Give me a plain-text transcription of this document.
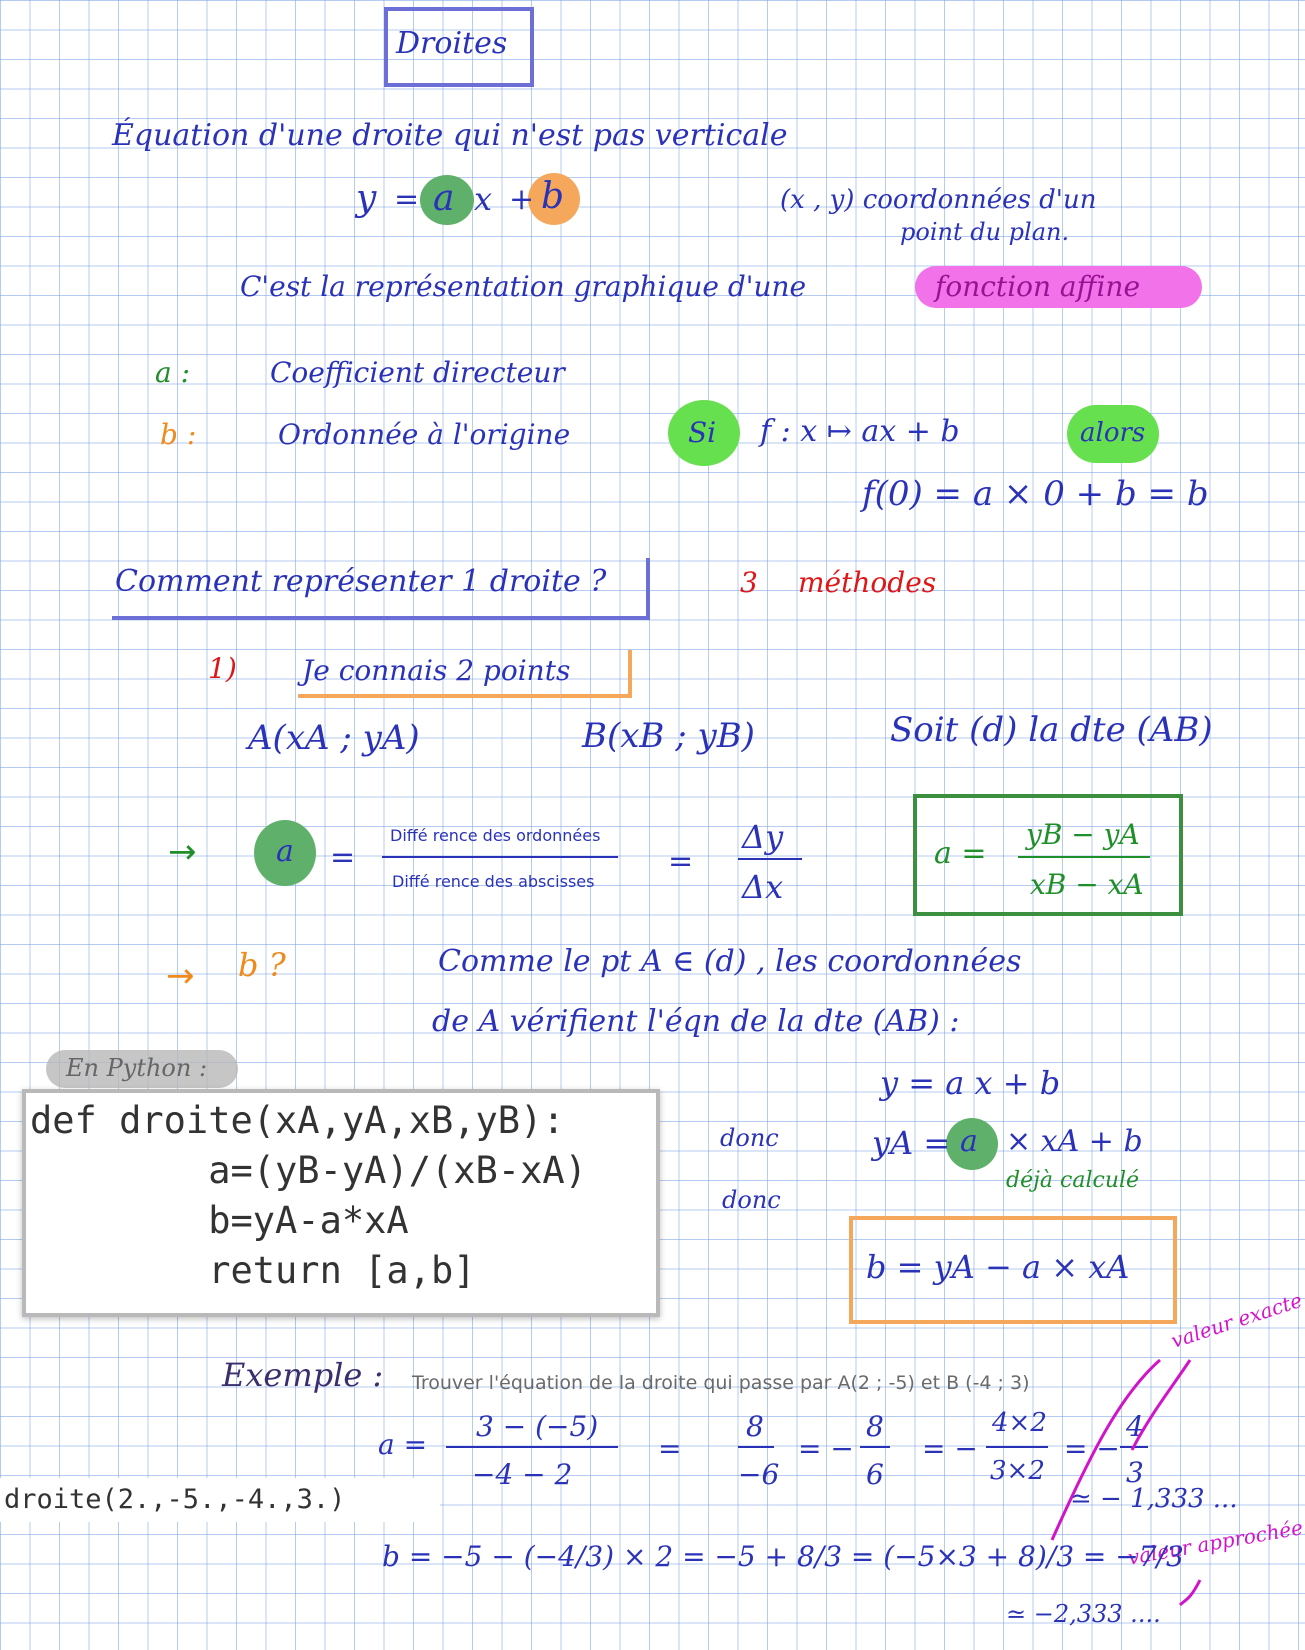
Droites
Équation d'une droite qui n'est pas verticale
y = a x + b	(x , y) coordonnées d'un
point du plan.
C'est la représentation graphique d'une	fonction affine
a :	Coefficient directeur
b :	Ordonnée à l'origine	Si f : x ↦ ax + b	alors
f(0) = a × 0 + b = b
Comment représenter 1 droite ?	3 méthodes
1) Je connais 2 points
A(xA ; yA)	B(xB ; yB)	Soit (d) la dte (AB)
→	a =
Diffé rence des ordonnées
Diffé rence des abscisses
=
Δy
Δx
a =
yB − yA
xB − xA
→ b ?	Comme le pt A ∈ (d) , les coordonnées
de A vérifient l'éqn de la dte (AB) :
y = a x + b
donc	yA = a × xA + b
déjà calculé
donc
b = yA − a × xA
En Python :
def droite(xA,yA,xB,yB):
a=(yB-yA)/(xB-xA)
b=yA-a*xA
return [a,b]
Exemple : Trouver l'équation de la droite qui passe par A(2 ; -5) et B (-4 ; 3)
a =
3 − (−5)
−4 − 2
=
8
−6
= −
8
6
= −
4×2
3×2
= −
4
3
≃ − 1,333 ...
valeur exacte
valeur approchée
b = −5 − (−4/3) × 2 = −5 + 8/3 = (−5×3 + 8)/3 = −7/3
≃ −2,333 ....
droite(2.,-5.,-4.,3.)
